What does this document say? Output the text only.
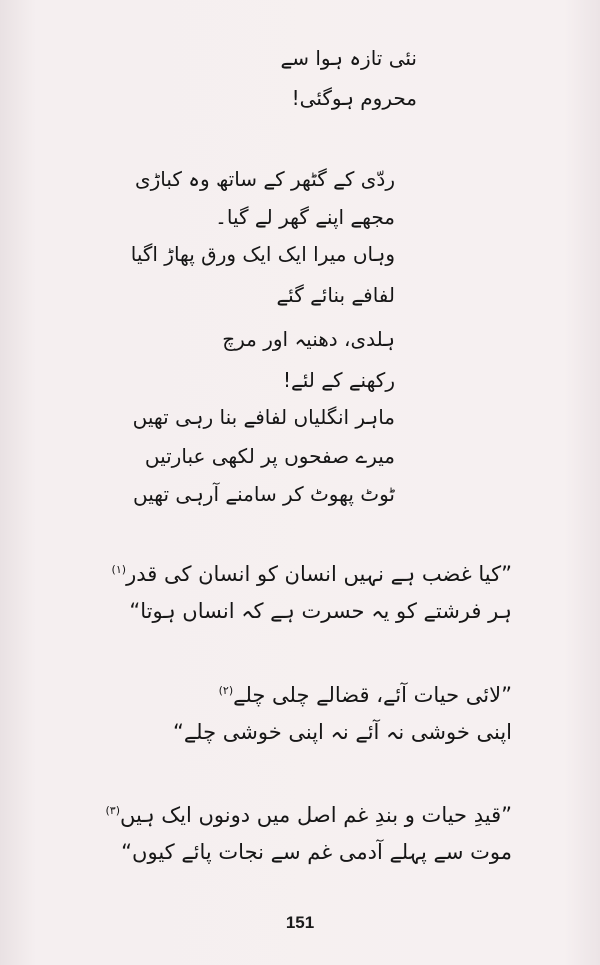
نئی تازہ ہوا سے
محروم ہوگئی!
ردّی کے گٹھر کے ساتھ وہ کباڑی
مجھے اپنے گھر لے گیا۔
وہاں میرا ایک ایک ورق پھاڑ اگیا
لفافے بنائے گئے
ہلدی، دھنیہ اور مرچ
رکھنے کے لئے!
ماہر انگلیاں لفافے بنا رہی تھیں
میرے صفحوں پر لکھی عبارتیں
ٹوٹ پھوٹ کر سامنے آرہی تھیں
”کیا غضب ہے نہیں انسان کو انسان کی قدر$^{(۱)}$
ہر فرشتے کو یہ حسرت ہے کہ انساں ہوتا“
”لائی حیات آئے، قضالے چلی چلے$^{(۲)}$
اپنی خوشی نہ آئے نہ اپنی خوشی چلے“
”قیدِ حیات و بندِ غم اصل میں دونوں ایک ہیں$^{(۳)}$
موت سے پہلے آدمی غم سے نجات پائے کیوں“
151
